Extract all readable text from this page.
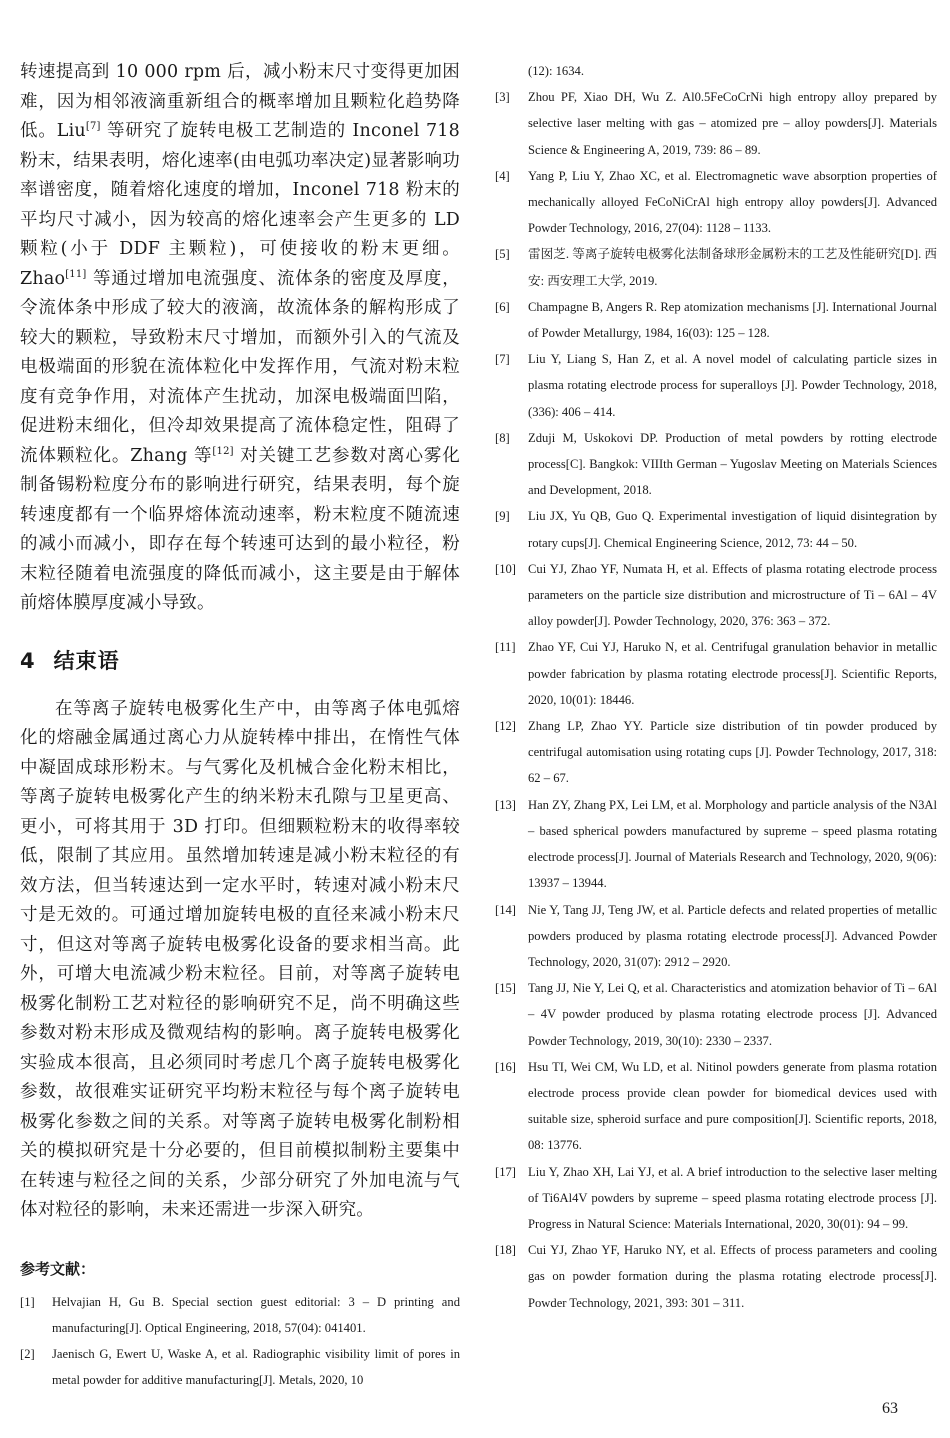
转速提高到 10 000 rpm 后，减小粉末尺寸变得更加困难，因为相邻液滴重新组合的概率增加且颗粒化趋势降低。Liu[7] 等研究了旋转电极工艺制造的 Inconel 718 粉末，结果表明，熔化速率(由电弧功率决定)显著影响功率谱密度，随着熔化速度的增加，Inconel 718 粉末的平均尺寸减小，因为较高的熔化速率会产生更多的 LD 颗粒(小于 DDF 主颗粒)，可使接收的粉末更细。Zhao[11] 等通过增加电流强度、流体条的密度及厚度，令流体条中形成了较大的液滴，故流体条的解构形成了较大的颗粒，导致粉末尺寸增加，而额外引入的气流及电极端面的形貌在流体粒化中发挥作用，气流对粉末粒度有竞争作用，对流体产生扰动，加深电极端面凹陷，促进粉末细化，但冷却效果提高了流体稳定性，阻碍了流体颗粒化。Zhang 等[12] 对关键工艺参数对离心雾化制备锡粉粒度分布的影响进行研究，结果表明，每个旋转速度都有一个临界熔体流动速率，粉末粒度不随流速的减小而减小，即存在每个转速可达到的最小粒径，粉末粒径随着电流强度的降低而减小，这主要是由于解体前熔体膜厚度减小导致。

4 结束语

在等离子旋转电极雾化生产中，由等离子体电弧熔化的熔融金属通过离心力从旋转棒中排出，在惰性气体中凝固成球形粉末。与气雾化及机械合金化粉末相比，等离子旋转电极雾化产生的纳米粉末孔隙与卫星更高、更小，可将其用于 3D 打印。但细颗粒粉末的收得率较低，限制了其应用。虽然增加转速是减小粉末粒径的有效方法，但当转速达到一定水平时，转速对减小粉末尺寸是无效的。可通过增加旋转电极的直径来减小粉末尺寸，但这对等离子旋转电极雾化设备的要求相当高。此外，可增大电流减少粉末粒径。目前，对等离子旋转电极雾化制粉工艺对粒径的影响研究不足，尚不明确这些参数对粉末形成及微观结构的影响。离子旋转电极雾化实验成本很高，且必须同时考虑几个离子旋转电极雾化参数，故很难实证研究平均粉末粒径与每个离子旋转电极雾化参数之间的关系。对等离子旋转电极雾化制粉相关的模拟研究是十分必要的，但目前模拟制粉主要集中在转速与粒径之间的关系，少部分研究了外加电流与气体对粒径的影响，未来还需进一步深入研究。

参考文献：
[1] Helvajian H, Gu B. Special section guest editorial: 3 – D printing and manufacturing[J]. Optical Engineering, 2018, 57(04): 041401.
[2] Jaenisch G, Ewert U, Waske A, et al. Radiographic visibility limit of pores in metal powder for additive manufacturing[J]. Metals, 2020, 10
(12): 1634.
[3] Zhou PF, Xiao DH, Wu Z. Al0.5FeCoCrNi high entropy alloy prepared by selective laser melting with gas – atomized pre – alloy powders[J]. Materials Science & Engineering A, 2019, 739: 86 – 89.
[4] Yang P, Liu Y, Zhao XC, et al. Electromagnetic wave absorption properties of mechanically alloyed FeCoNiCrAl high entropy alloy powders[J]. Advanced Powder Technology, 2016, 27(04): 1128 – 1133.
[5] 雷囡芝. 等离子旋转电极雾化法制备球形金属粉末的工艺及性能研究[D]. 西安: 西安理工大学, 2019.
[6] Champagne B, Angers R. Rep atomization mechanisms [J]. International Journal of Powder Metallurgy, 1984, 16(03): 125 – 128.
[7] Liu Y, Liang S, Han Z, et al. A novel model of calculating particle sizes in plasma rotating electrode process for superalloys [J]. Powder Technology, 2018, (336): 406 – 414.
[8] Zduji M, Uskokovi DP. Production of metal powders by rotting electrode process[C]. Bangkok: VIIIth German – Yugoslav Meeting on Materials Sciences and Development, 2018.
[9] Liu JX, Yu QB, Guo Q. Experimental investigation of liquid disintegration by rotary cups[J]. Chemical Engineering Science, 2012, 73: 44 – 50.
[10] Cui YJ, Zhao YF, Numata H, et al. Effects of plasma rotating electrode process parameters on the particle size distribution and microstructure of Ti – 6Al – 4V alloy powder[J]. Powder Technology, 2020, 376: 363 – 372.
[11] Zhao YF, Cui YJ, Haruko N, et al. Centrifugal granulation behavior in metallic powder fabrication by plasma rotating electrode process[J]. Scientific Reports, 2020, 10(01): 18446.
[12] Zhang LP, Zhao YY. Particle size distribution of tin powder produced by centrifugal automisation using rotating cups [J]. Powder Technology, 2017, 318: 62 – 67.
[13] Han ZY, Zhang PX, Lei LM, et al. Morphology and particle analysis of the N3Al – based spherical powders manufactured by supreme – speed plasma rotating electrode process[J]. Journal of Materials Research and Technology, 2020, 9(06): 13937 – 13944.
[14] Nie Y, Tang JJ, Teng JW, et al. Particle defects and related properties of metallic powders produced by plasma rotating electrode process[J]. Advanced Powder Technology, 2020, 31(07): 2912 – 2920.
[15] Tang JJ, Nie Y, Lei Q, et al. Characteristics and atomization behavior of Ti – 6Al – 4V powder produced by plasma rotating electrode process [J]. Advanced Powder Technology, 2019, 30(10): 2330 – 2337.
[16] Hsu TI, Wei CM, Wu LD, et al. Nitinol powders generate from plasma rotation electrode process provide clean powder for biomedical devices used with suitable size, spheroid surface and pure composition[J]. Scientific reports, 2018, 08: 13776.
[17] Liu Y, Zhao XH, Lai YJ, et al. A brief introduction to the selective laser melting of Ti6Al4V powders by supreme – speed plasma rotating electrode process [J]. Progress in Natural Science: Materials International, 2020, 30(01): 94 – 99.
[18] Cui YJ, Zhao YF, Haruko NY, et al. Effects of process parameters and cooling gas on powder formation during the plasma rotating electrode process[J]. Powder Technology, 2021, 393: 301 – 311.
63
